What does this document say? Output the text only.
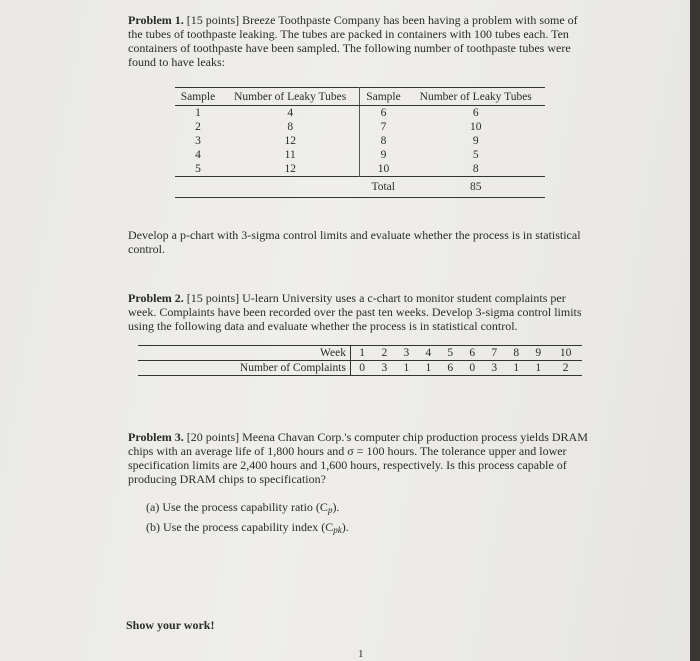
Problem 1. [15 points] Breeze Toothpaste Company has been having a problem with some of the tubes of toothpaste leaking. The tubes are packed in containers with 100 tubes each. Ten containers of toothpaste have been sampled. The following number of toothpaste tubes were found to have leaks:
Sample	Number of Leaky Tubes	Sample	Number of Leaky Tubes
1	4	6	6
2	8	7	10
3	12	8	9
4	11	9	5
5	12	10	8
		Total	85
Develop a p-chart with 3-sigma control limits and evaluate whether the process is in statistical control.
Problem 2. [15 points] U-learn University uses a c-chart to monitor student complaints per week. Complaints have been recorded over the past ten weeks. Develop 3-sigma control limits using the following data and evaluate whether the process is in statistical control.
Week	1	2	3	4	5	6	7	8	9	10
Number of Complaints	0	3	1	1	6	0	3	1	1	2
Problem 3. [20 points] Meena Chavan Corp.'s computer chip production process yields DRAM chips with an average life of 1,800 hours and σ = 100 hours. The tolerance upper and lower specification limits are 2,400 hours and 1,600 hours, respectively. Is this process capable of producing DRAM chips to specification?
(a) Use the process capability ratio $(C_p)$.
(b) Use the process capability index $(C_{pk})$.
Show your work!
1
